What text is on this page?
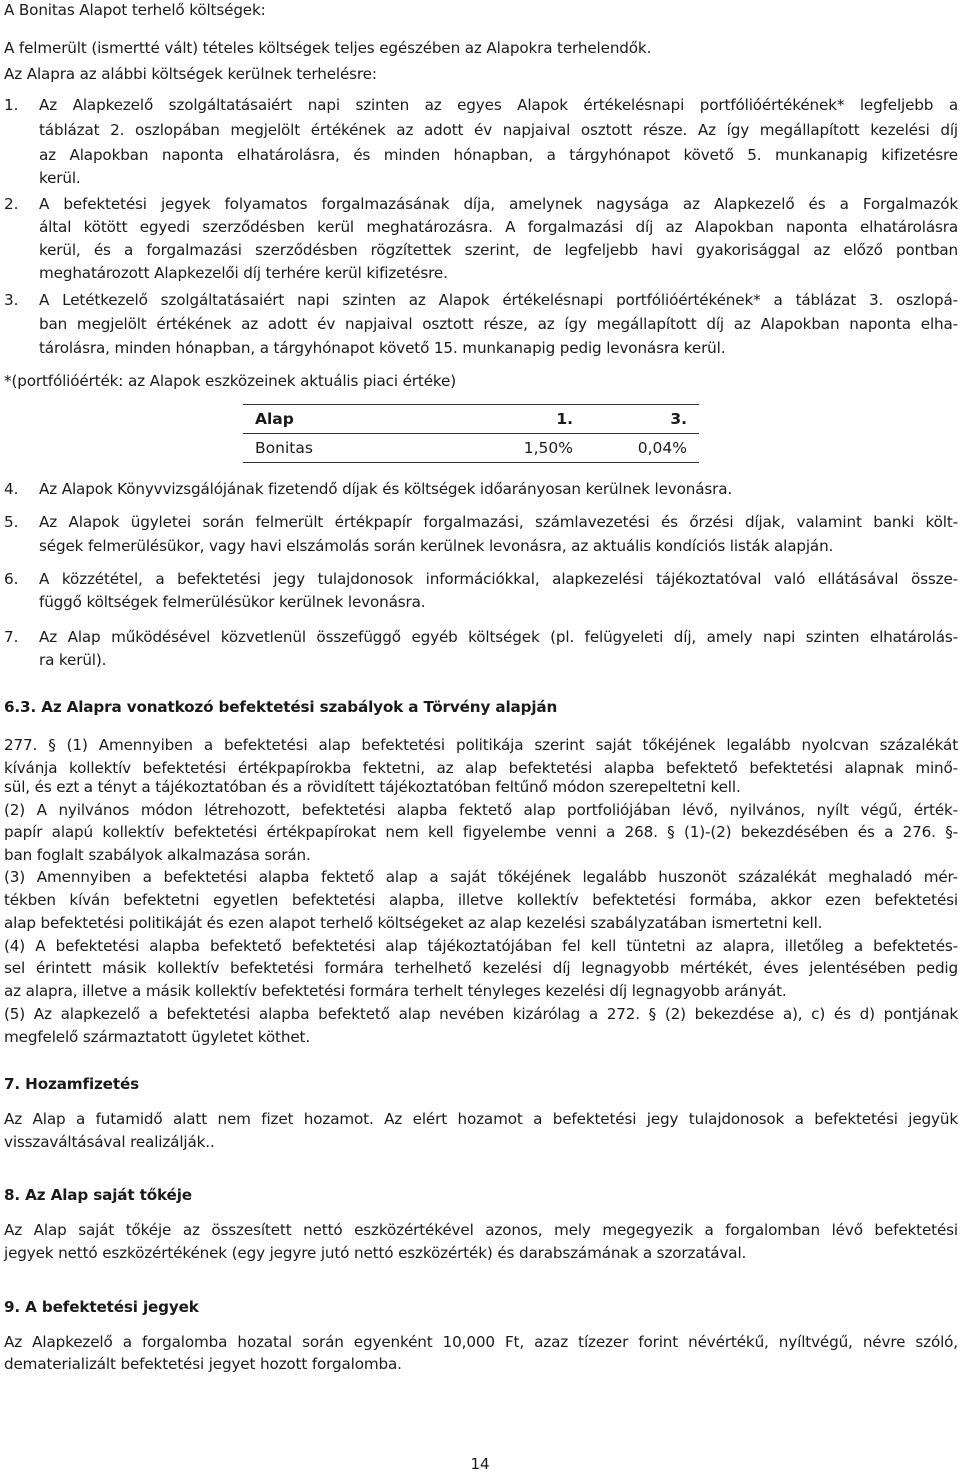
A Bonitas Alapot terhelő költségek:
A felmerült (ismertté vált) tételes költségek teljes egészében az Alapokra terhelendők.
Az Alapra az alábbi költségek kerülnek terhelésre:
1. Az Alapkezelő szolgáltatásaiért napi szinten az egyes Alapok értékelésnapi portfólióértékének* legfeljebb a
táblázat 2. oszlopában megjelölt értékének az adott év napjaival osztott része. Az így megállapított kezelési díj
az Alapokban naponta elhatárolásra, és minden hónapban, a tárgyhónapot követő 5. munkanapig kifizetésre
kerül.
2. A befektetési jegyek folyamatos forgalmazásának díja, amelynek nagysága az Alapkezelő és a Forgalmazók
által kötött egyedi szerződésben kerül meghatározásra. A forgalmazási díj az Alapokban naponta elhatárolásra
kerül, és a forgalmazási szerződésben rögzítettek szerint, de legfeljebb havi gyakorisággal az előző pontban
meghatározott Alapkezelői díj terhére kerül kifizetésre.
3. A Letétkezelő szolgáltatásaiért napi szinten az Alapok értékelésnapi portfólióértékének* a táblázat 3. oszlopá-
ban megjelölt értékének az adott év napjaival osztott része, az így megállapított díj az Alapokban naponta elha-
tárolásra, minden hónapban, a tárgyhónapot követő 15. munkanapig pedig levonásra kerül.
*(portfólióérték: az Alapok eszközeinek aktuális piaci értéke)
Alap	1.	3.
Bonitas	1,50%	0,04%
4. Az Alapok Könyvvizsgálójának fizetendő díjak és költségek időarányosan kerülnek levonásra.
5. Az Alapok ügyletei során felmerült értékpapír forgalmazási, számlavezetési és őrzési díjak, valamint banki költ-
ségek felmerülésükor, vagy havi elszámolás során kerülnek levonásra, az aktuális kondíciós listák alapján.
6. A közzététel, a befektetési jegy tulajdonosok információkkal, alapkezelési tájékoztatóval való ellátásával össze-
függő költségek felmerülésükor kerülnek levonásra.
7. Az Alap működésével közvetlenül összefüggő egyéb költségek (pl. felügyeleti díj, amely napi szinten elhatárolás-
ra kerül).
6.3. Az Alapra vonatkozó befektetési szabályok a Törvény alapján
277. § (1) Amennyiben a befektetési alap befektetési politikája szerint saját tőkéjének legalább nyolcvan százalékát
kívánja kollektív befektetési értékpapírokba fektetni, az alap befektetési alapba befektető befektetési alapnak minő-
sül, és ezt a tényt a tájékoztatóban és a rövidített tájékoztatóban feltűnő módon szerepeltetni kell.
(2) A nyilvános módon létrehozott, befektetési alapba fektető alap portfoliójában lévő, nyilvános, nyílt végű, érték-
papír alapú kollektív befektetési értékpapírokat nem kell figyelembe venni a 268. § (1)-(2) bekezdésében és a 276. §-
ban foglalt szabályok alkalmazása során.
(3) Amennyiben a befektetési alapba fektető alap a saját tőkéjének legalább huszonöt százalékát meghaladó mér-
tékben kíván befektetni egyetlen befektetési alapba, illetve kollektív befektetési formába, akkor ezen befektetési
alap befektetési politikáját és ezen alapot terhelő költségeket az alap kezelési szabályzatában ismertetni kell.
(4) A befektetési alapba befektető befektetési alap tájékoztatójában fel kell tüntetni az alapra, illetőleg a befektetés-
sel érintett másik kollektív befektetési formára terhelhető kezelési díj legnagyobb mértékét, éves jelentésében pedig
az alapra, illetve a másik kollektív befektetési formára terhelt tényleges kezelési díj legnagyobb arányát.
(5) Az alapkezelő a befektetési alapba befektető alap nevében kizárólag a 272. § (2) bekezdése a), c) és d) pontjának
megfelelő származtatott ügyletet köthet.
7. Hozamfizetés
Az Alap a futamidő alatt nem fizet hozamot. Az elért hozamot a befektetési jegy tulajdonosok a befektetési jegyük
visszaváltásával realizálják..
8. Az Alap saját tőkéje
Az Alap saját tőkéje az összesített nettó eszközértékével azonos, mely megegyezik a forgalomban lévő befektetési
jegyek nettó eszközértékének (egy jegyre jutó nettó eszközérték) és darabszámának a szorzatával.
9. A befektetési jegyek
Az Alapkezelő a forgalomba hozatal során egyenként 10,000 Ft, azaz tízezer forint névértékű, nyíltvégű, névre szóló,
dematerializált befektetési jegyet hozott forgalomba.
14
